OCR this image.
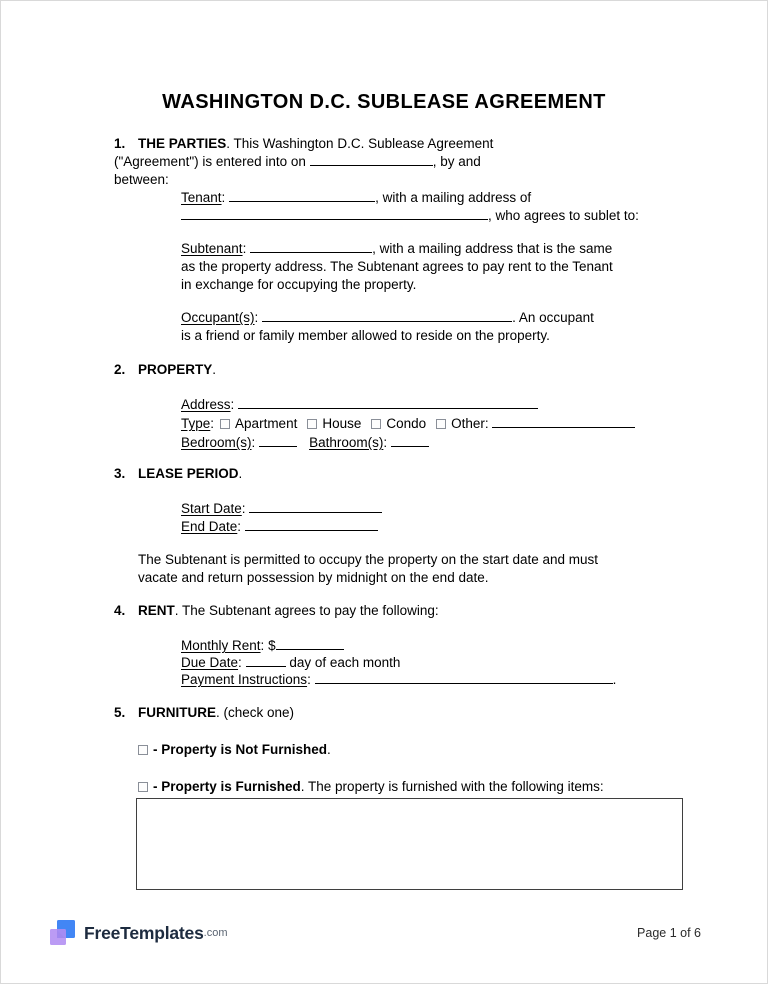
WASHINGTON D.C. SUBLEASE AGREEMENT
1. THE PARTIES. This Washington D.C. Sublease Agreement
("Agreement") is entered into on	, by and
between:
Tenant:	, with a mailing address of
, who agrees to sublet to:
Subtenant:	, with a mailing address that is the same
as the property address. The Subtenant agrees to pay rent to the Tenant
in exchange for occupying the property.
Occupant(s):	. An occupant
is a friend or family member allowed to reside on the property.
2. PROPERTY.
Address:
Type: Apartment House Condo Other:
Bedroom(s):	Bathroom(s):
3. LEASE PERIOD.
Start Date:
End Date:
The Subtenant is permitted to occupy the property on the start date and must
vacate and return possession by midnight on the end date.
4. RENT. The Subtenant agrees to pay the following:
Monthly Rent: $
Due Date:	day of each month
Payment Instructions:	.
5. FURNITURE. (check one)
- Property is Not Furnished.
- Property is Furnished. The property is furnished with the following items:
FreeTemplates .com	Page 1 of 6
